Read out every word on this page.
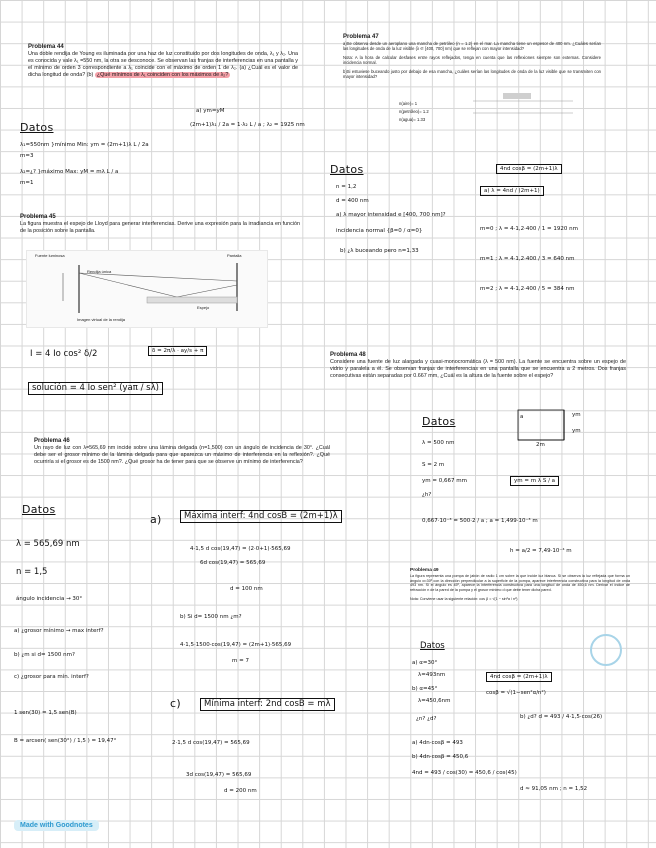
Problema 44
Una doble rendija de Young es iluminada por una haz de luz constituido por dos longitudes de onda, λ₁ y λ₂. Una es conocida y vale λ₁ =550 nm, la otra se desconoce. Se observan las franjas de interferencias en una pantalla y el mínimo de orden 3 correspondiente a λ₁ coincide con el máximo de orden 1 de λ₂. (a) ¿Cuál es el valor de dicha longitud de onda? (b) ¿Qué mínimos de λ₁ coinciden con los máximos de λ₂?
a) ym=yM
(2m+1)λ₁ / 2a = 1·λ₂ L / a ; λ₂ = 1925 nm
Datos
λ₁=550nm }mínimo Min: ym = (2m+1)λ L / 2a
m=3
λ₂=¿? }máximo Max: yM = mλ L / a
m=1
Problema 47
a)Se observa desde un aeroplano una mancha de petróleo (n = 1.2) en el mar. La mancha tiene un espesor de 400 nm. ¿Cuáles serían las longitudes de onda de la luz visible (λ ∈ [400, 700] nm) que se reflejan con mayor intensidad?
Nota: A la hora de calcular desfases entre rayos reflejados, tenga en cuenta que las reflexiones siempre son externas. Considere incidencia normal.
b)Si estuviese buceando justo por debajo de esa mancha, ¿cuáles serían las longitudes de onda de la luz visible que se transmiten con mayor intensidad?
n(aire)= 1
n(petróleo)= 1.2
n(agua)= 1.33
Datos
n = 1,2
d = 400 nm
a) λ mayor intensidad e [400, 700 nm]?
incidencia normal {β=0 / α=0}
b) ¿λ buceando pero n=1,33
4nd cosβ = (2m+1)λ
a) λ = 4nd / (2m+1)
m=0 ; λ = 4·1,2·400 / 1 = 1920 nm
m=1 ; λ = 4·1,2·400 / 3 = 640 nm
m=2 ; λ = 4·1,2·400 / 5 = 384 nm
Problema 45
La figura muestra el espejo de Lloyd para generar interferencias. Derive una expresión para la irradiancia en función de la posición sobre la pantalla.
Fuente luminosa
Rendija única
Pantalla
Espejo
Imagen virtual de la rendija
I = 4 Io cos² δ/2	δ = 2π/λ · ay/s + π
solución = 4 Io sen² (yaπ / sλ)
Problema 48
Considere una fuente de luz alargada y cuasi-monocromática (λ = 500 nm). La fuente se encuentra sobre un espejo de vidrio y paralela a él. Se observan franjas de interferencias en una pantalla que se encuentra a 2 metros. Dos franjas consecutivas están separadas por 0.667 mm, ¿Cuál es la altura de la fuente sobre el espejo?
Datos
λ = 500 nm
S = 2 m
ym = 0,667 mm
¿h?
a
2m
ym
ym
ym = m λ S / a
0,667·10⁻³ = 500·2 / a ; a = 1,499·10⁻³ m
h = a/2 = 7,49·10⁻⁴ m
Problema 46
Un rayo de luz con λ=565,69 nm incide sobre una lámina delgada (n=1,500) con un ángulo de incidencia de 30°. ¿Cuál debe ser el grosor mínimo de la lámina delgada para que aparezca un máximo de interferencia en la reflexión?. ¿Qué ocurriría si el grosor es de 1500 nm?. ¿Qué grosor ha de tener para que se observe un mínimo de interferencia?
Datos
λ = 565,69 nm
n = 1,5
ángulo incidencia → 30°
a) ¿grosor mínimo → max interf?
b) ¿m si d= 1500 nm?
c) ¿grosor para mín. interf?
1 sen(30) = 1,5 sen(B)
B = arcsen( sen(30°) / 1,5 ) = 19,47°
a)	Máxima interf: 4nd cosB = (2m+1)λ
4·1,5 d cos(19,47) = (2·0+1)·565,69
6d cos(19,47) = 565,69
d = 100 nm
b) Si d= 1500 nm ¿m?
4·1,5·1500·cos(19,47) = (2m+1)·565,69
m = 7
c)	Mínima interf: 2nd cosB = mλ
2·1,5 d cos(19,47) = 565,69
3d cos(19,47) = 565,69
d = 200 nm
Problema 49
La figura representa una pompa de jabón de radio 1 cm sobre la que incide luz blanca. Si se observa la luz reflejada que forma un ángulo α=30º con la dirección perpendicular a la superficie de la pompa, aparece interferencia constructiva para la longitud de onda 493 nm. Si el ángulo es 45º, aparece la interferencia constructiva para una longitud de onda de 450,6 nm. Derivar el índice de refracción n de la pared de la pompa y el grosor mínimo d que debe tener dicha pared.
Nota: Conviene usar la siguiente relación: cos β = √(1 − sin²α / n²)
Datos
a) α=30°
λ=493nm
b) α=45°
λ=450,6nm
¿n? ¿d?
4nd cosβ = (2m+1)λ
cosβ = √(1−sen²α/n²)
a) 4dn·cosβ = 493
b) 4dn·cosβ = 450,6
4nd = 493 / cos(30) = 450,6 / cos(45)
b) ¿d? d = 493 / 4·1,5·cos(26)
d ≈ 91,05 nm ; n = 1,52
Made with Goodnotes
